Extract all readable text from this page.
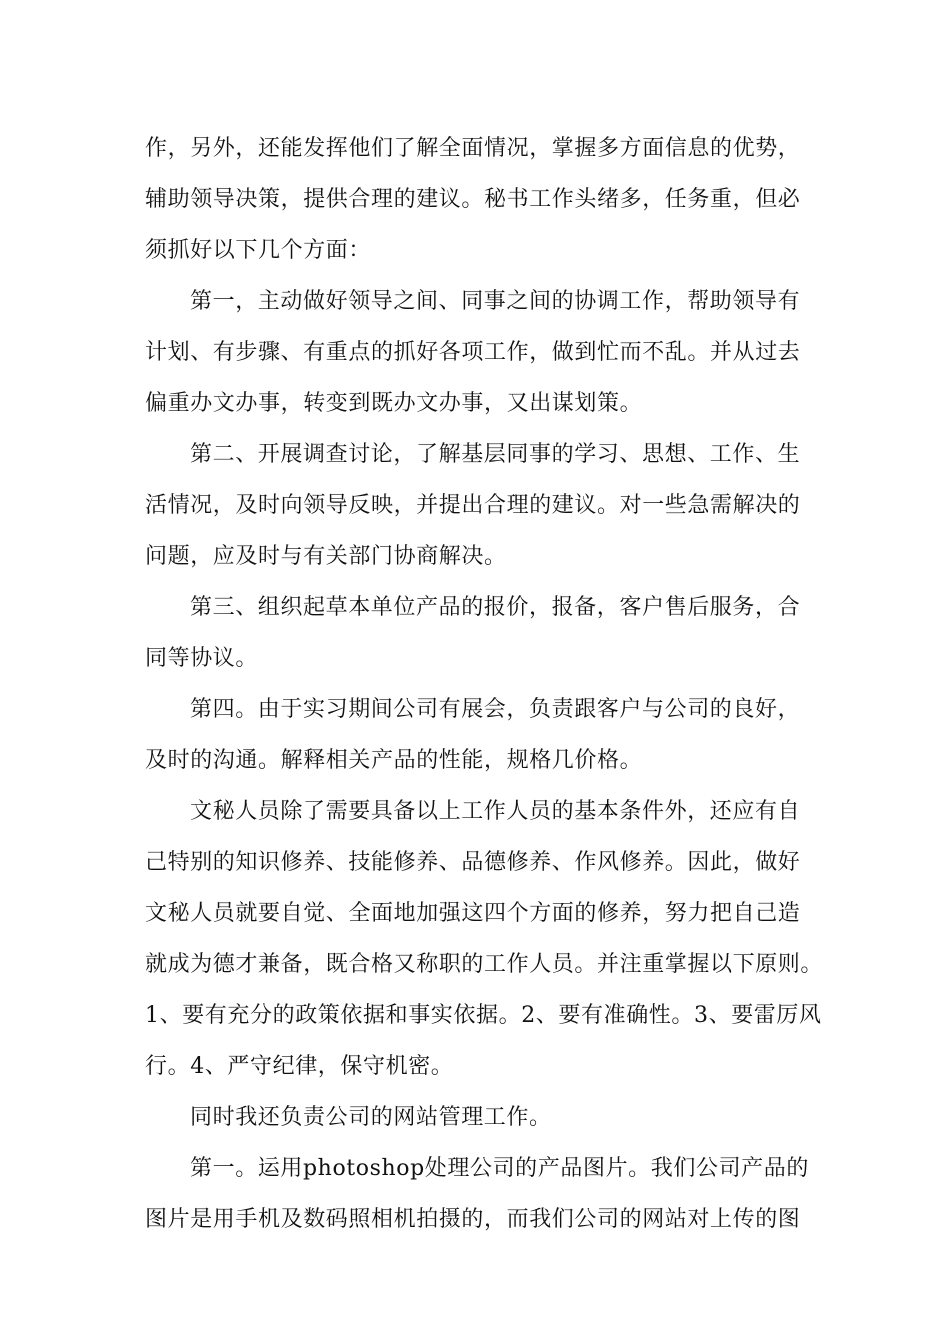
作，另外，还能发挥他们了解全面情况，掌握多方面信息的优势，
辅助领导决策，提供合理的建议。秘书工作头绪多，任务重，但必
须抓好以下几个方面：
第一，主动做好领导之间、同事之间的协调工作，帮助领导有
计划、有步骤、有重点的抓好各项工作，做到忙而不乱。并从过去
偏重办文办事，转变到既办文办事，又出谋划策。
第二、开展调查讨论，了解基层同事的学习、思想、工作、生
活情况，及时向领导反映，并提出合理的建议。对一些急需解决的
问题，应及时与有关部门协商解决。
第三、组织起草本单位产品的报价，报备，客户售后服务，合
同等协议。
第四。由于实习期间公司有展会，负责跟客户与公司的良好，
及时的沟通。解释相关产品的性能，规格几价格。
文秘人员除了需要具备以上工作人员的基本条件外，还应有自
己特别的知识修养、技能修养、品德修养、作风修养。因此，做好
文秘人员就要自觉、全面地加强这四个方面的修养，努力把自己造
就成为德才兼备，既合格又称职的工作人员。并注重掌握以下原则。
1、要有充分的政策依据和事实依据。2、要有准确性。3、要雷厉风
行。4、严守纪律，保守机密。
同时我还负责公司的网站管理工作。
第一。运用photoshop处理公司的产品图片。我们公司产品的
图片是用手机及数码照相机拍摄的，而我们公司的网站对上传的图
